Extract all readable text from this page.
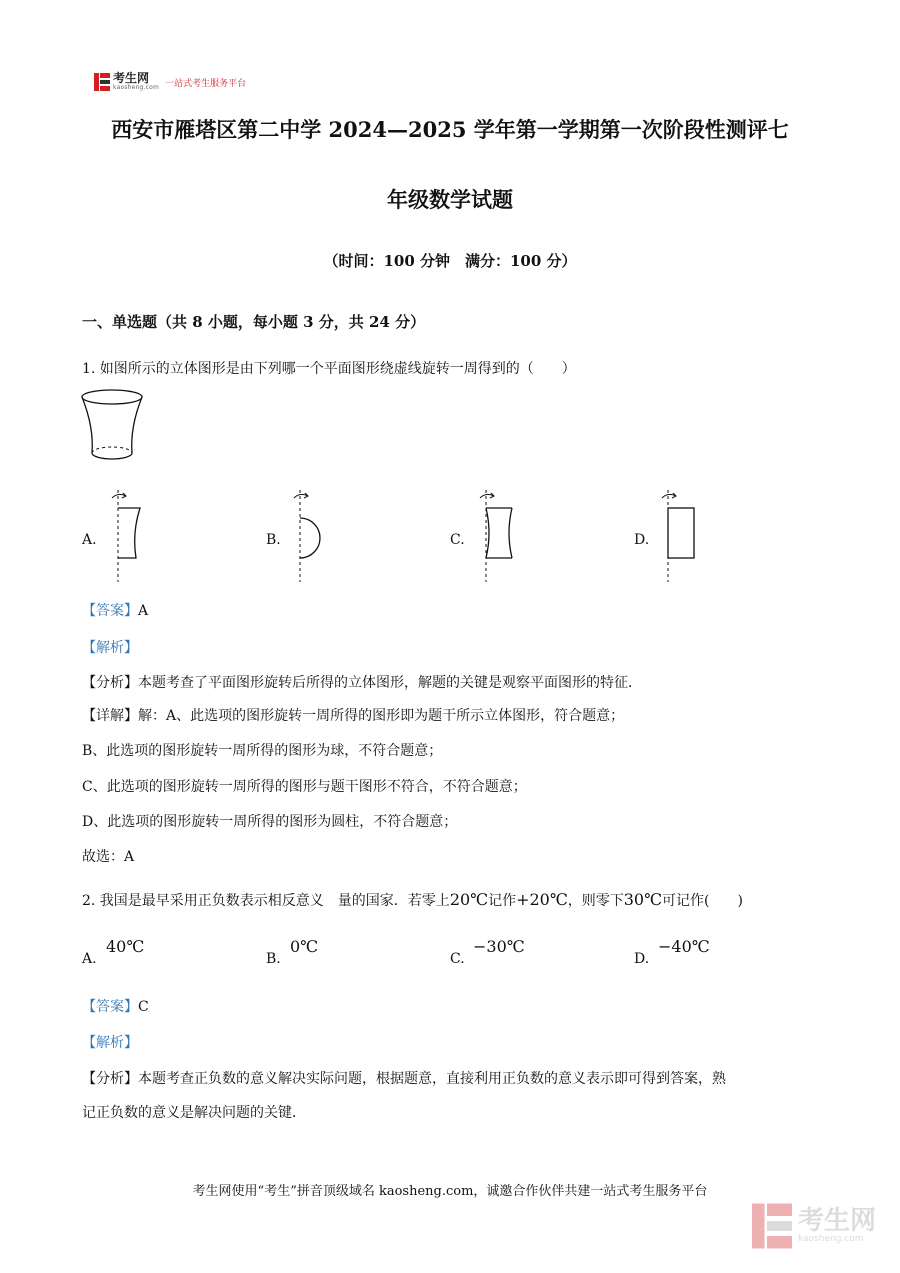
考生网
kaosheng.com 一站式考生服务平台
西安市雁塔区第二中学 2024—2025 学年第一学期第一次阶段性测评七
年级数学试题
（时间：100 分钟　满分：100 分）
一、单选题（共 8 小题，每小题 3 分，共 24 分）
1. 如图所示的立体图形是由下列哪一个平面图形绕虚线旋转一周得到的（　　）
A.	B.	C.	D.
【答案】A
【解析】
【分析】本题考查了平面图形旋转后所得的立体图形，解题的关键是观察平面图形的特征．
【详解】解：A、此选项的图形旋转一周所得的图形即为题干所示立体图形，符合题意；
B、此选项的图形旋转一周所得的图形为球，不符合题意；
C、此选项的图形旋转一周所得的图形与题干图形不符合，不符合题意；
D、此选项的图形旋转一周所得的图形为圆柱，不符合题意；
故选：A
2. 我国是最早采用正负数表示相反意义　量的国家．若零上20℃记作+20℃，则零下30℃可记作(　　)
A.
40℃
B.
0℃
C.
−30℃
D.
−40℃
【答案】C
【解析】
【分析】本题考查正负数的意义解决实际问题，根据题意，直接利用正负数的意义表示即可得到答案，熟
记正负数的意义是解决问题的关键．
考生网使用“考生”拼音顶级域名 kaosheng.com，诚邀合作伙伴共建一站式考生服务平台
考生网
kaosheng.com
